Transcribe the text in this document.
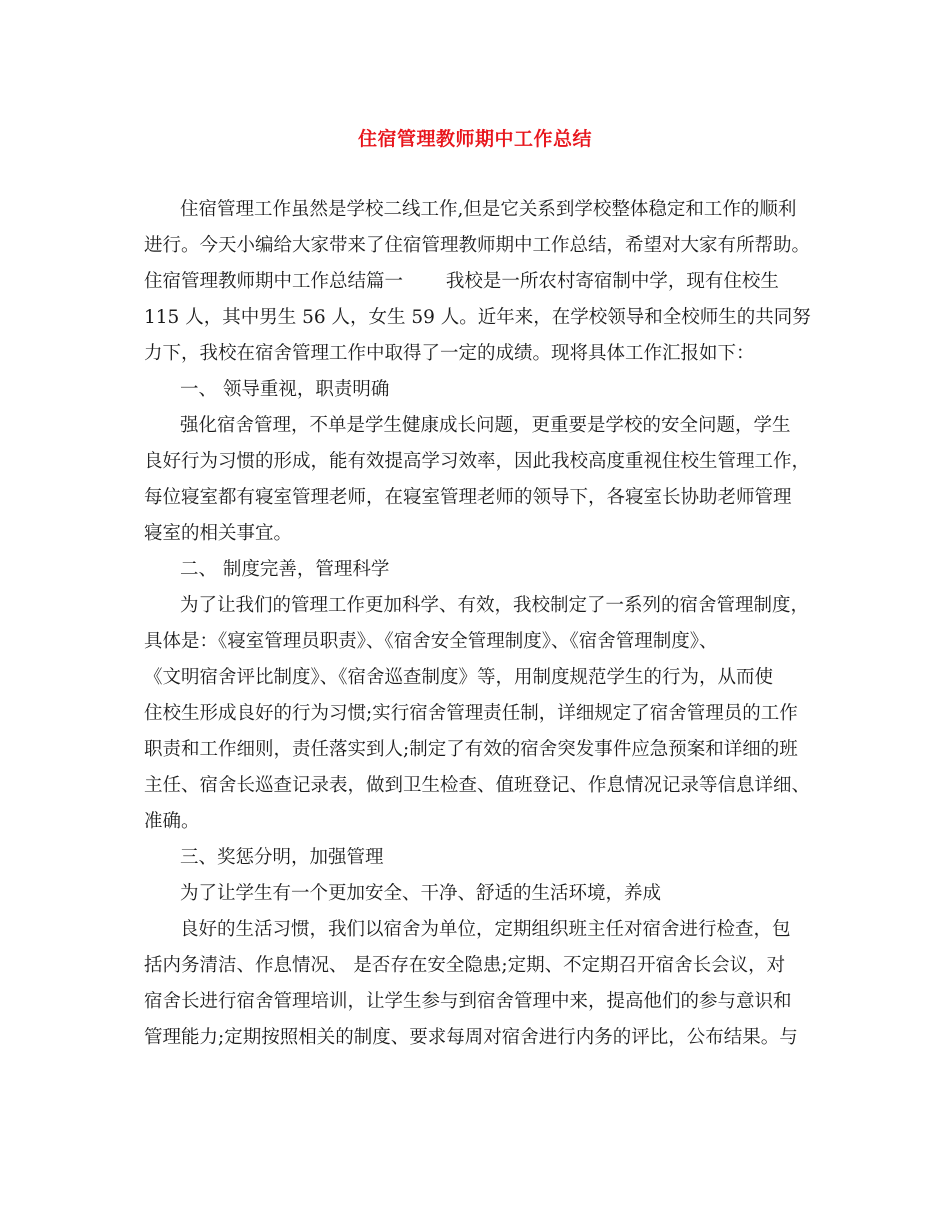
住宿管理教师期中工作总结
住宿管理工作虽然是学校二线工作,但是它关系到学校整体稳定和工作的顺利
进行。今天小编给大家带来了住宿管理教师期中工作总结，希望对大家有所帮助。
住宿管理教师期中工作总结篇一　　 我校是一所农村寄宿制中学，现有住校生
115 人，其中男生 56 人，女生 59 人。近年来，在学校领导和全校师生的共同努
力下，我校在宿舍管理工作中取得了一定的成绩。现将具体工作汇报如下：
一、 领导重视，职责明确
强化宿舍管理，不单是学生健康成长问题，更重要是学校的安全问题，学生
良好行为习惯的形成，能有效提高学习效率，因此我校高度重视住校生管理工作，
每位寝室都有寝室管理老师，在寝室管理老师的领导下，各寝室长协助老师管理
寝室的相关事宜。
二、 制度完善，管理科学
为了让我们的管理工作更加科学、有效，我校制定了一系列的宿舍管理制度，
具体是：《寝室管理员职责》、《宿舍安全管理制度》、《宿舍管理制度》、
《文明宿舍评比制度》、《宿舍巡查制度》等，用制度规范学生的行为，从而使
住校生形成良好的行为习惯;实行宿舍管理责任制，详细规定了宿舍管理员的工作
职责和工作细则，责任落实到人;制定了有效的宿舍突发事件应急预案和详细的班
主任、宿舍长巡查记录表，做到卫生检查、值班登记、作息情况记录等信息详细、
准确。
三、奖惩分明，加强管理
为了让学生有一个更加安全、干净、舒适的生活环境，养成
良好的生活习惯，我们以宿舍为单位，定期组织班主任对宿舍进行检查，包
括内务清洁、作息情况、 是否存在安全隐患;定期、不定期召开宿舍长会议，对
宿舍长进行宿舍管理培训，让学生参与到宿舍管理中来，提高他们的参与意识和
管理能力;定期按照相关的制度、要求每周对宿舍进行内务的评比，公布结果。与
